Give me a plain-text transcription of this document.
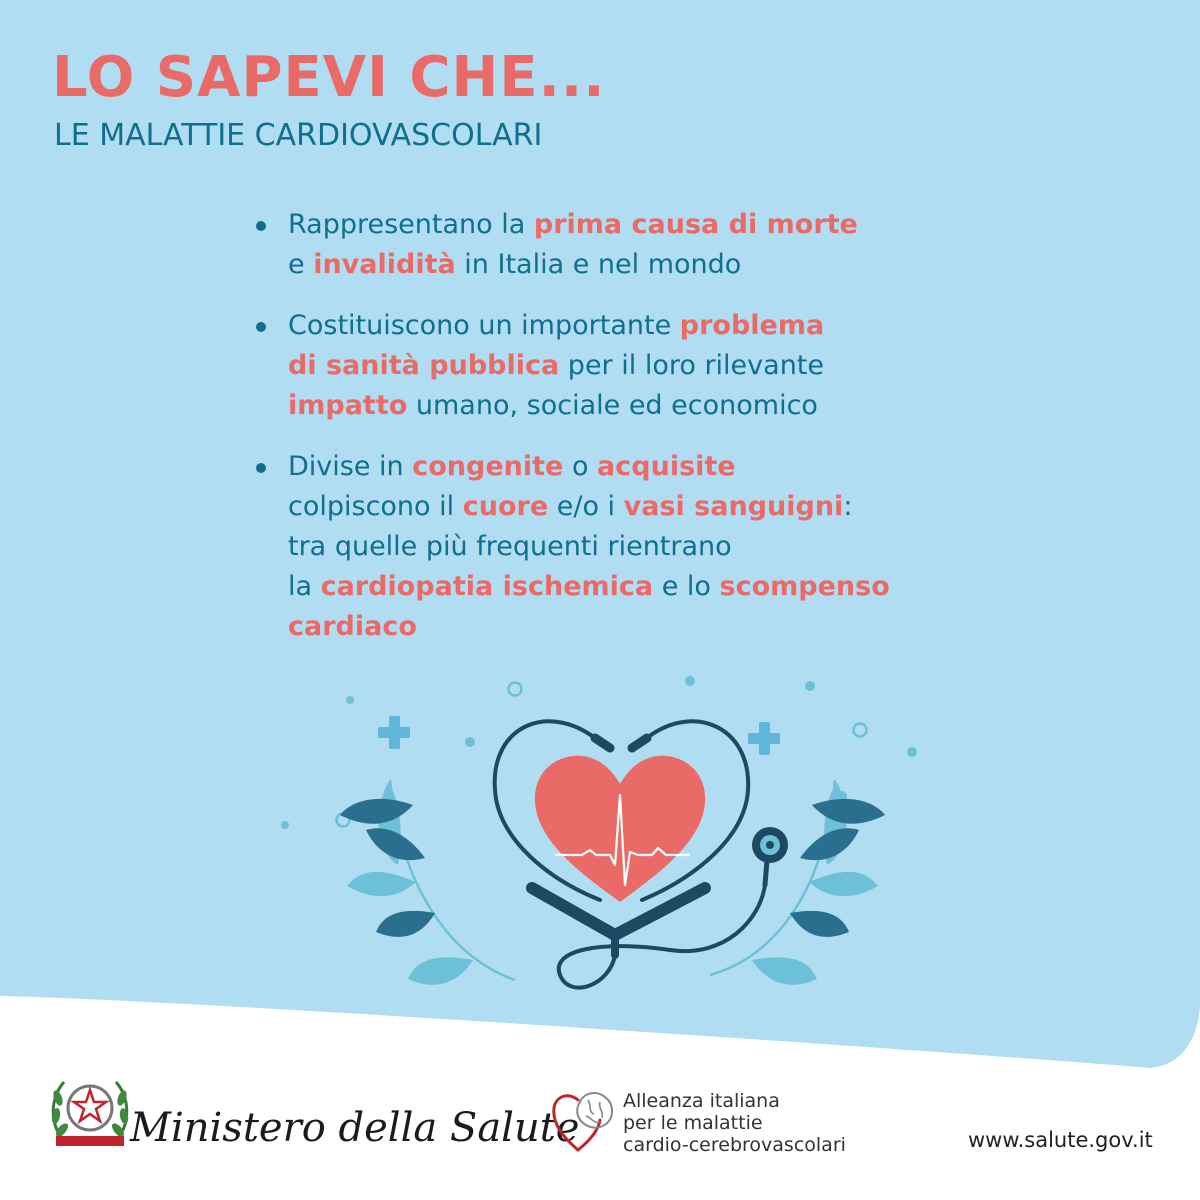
LO SAPEVI CHE...
LE MALATTIE CARDIOVASCOLARI
Rappresentano la prima causa di morte
e invalidità in Italia e nel mondo
Costituiscono un importante problema
di sanità pubblica per il loro rilevante
impatto umano, sociale ed economico
Divise in congenite o acquisite
colpiscono il cuore e/o i vasi sanguigni:
tra quelle più frequenti rientrano
la cardiopatia ischemica e lo scompenso
cardiaco

Ministero della Salute

Alleanza italiana
per le malattie
cardio-cerebrovascolari	www.salute.gov.it
